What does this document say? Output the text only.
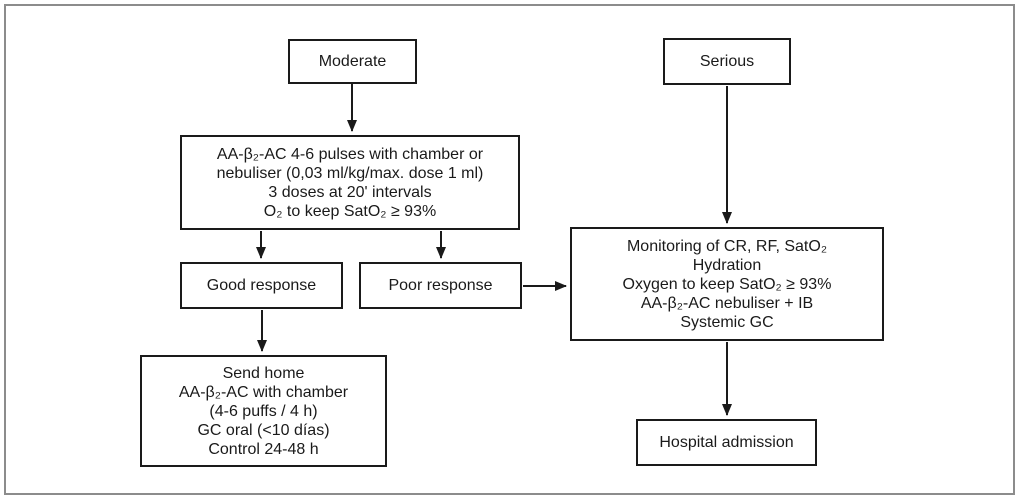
Moderate	Serious
AA-β₂-AC 4-6 pulses with chamber or
nebuliser (0,03 ml/kg/max. dose 1 ml)
3 doses at 20' intervals
O₂ to keep SatO₂ ≥ 93%
Good response	Poor response
Send home
AA-β₂-AC with chamber
(4-6 puffs / 4 h)
GC oral (<10 días)
Control 24-48 h
Monitoring of CR, RF, SatO₂
Hydration
Oxygen to keep SatO₂ ≥ 93%
AA-β₂-AC nebuliser + IB
Systemic GC
Hospital admission
